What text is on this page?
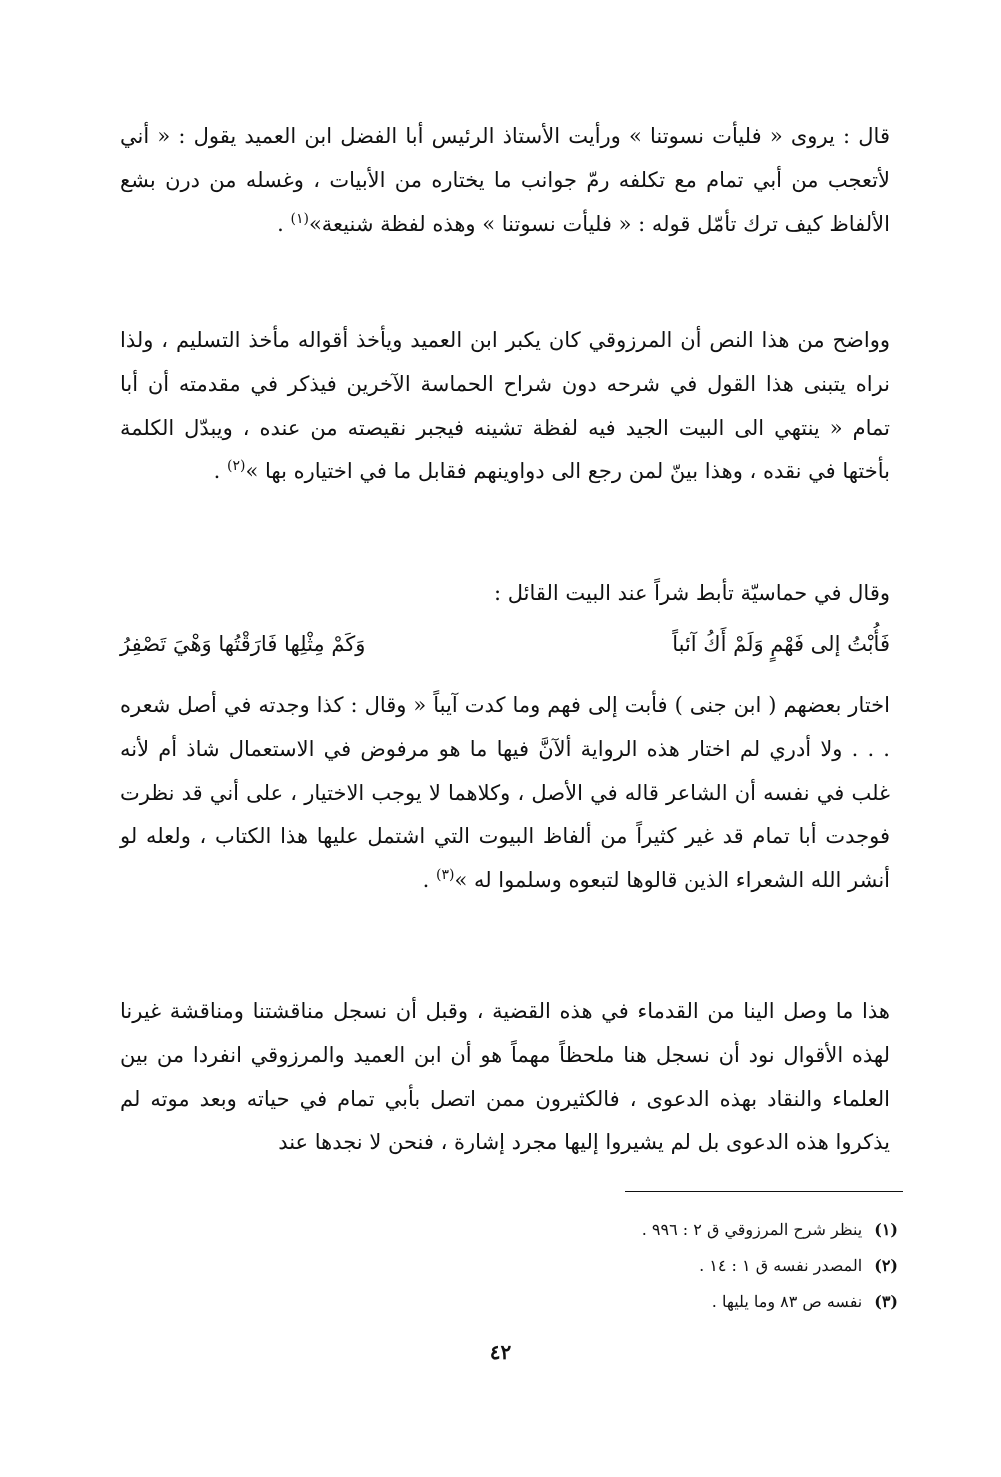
قال : يروى « فليأت نسوتنا » ورأيت الأستاذ الرئيس أبا الفضل ابن العميد يقول : « أني لأتعجب من أبي تمام مع تكلفه رمّ جوانب ما يختاره من الأبيات ، وغسله من درن بشع الألفاظ كيف ترك تأمّل قوله : « فليأت نسوتنا » وهذه لفظة شنيعة»$^{(١)}$ .

وواضح من هذا النص أن المرزوقي كان يكبر ابن العميد ويأخذ أقواله مأخذ التسليم ، ولذا نراه يتبنى هذا القول في شرحه دون شراح الحماسة الآخرين فيذكر في مقدمته أن أبا تمام « ينتهي الى البيت الجيد فيه لفظة تشينه فيجبر نقيصته من عنده ، ويبدّل الكلمة بأختها في نقده ، وهذا بينّ لمن رجع الى دواوينهم فقابل ما في اختياره بها »$^{(٢)}$ .

وقال في حماسيّة تأبط شراً عند البيت القائل :

فَأُبْتُ إلى فَهْمٍ وَلَمْ أَكُ آئباً
وَكَمْ مِثْلِها فَارَقْتُها وَهْيَ تَصْفِرُ

اختار بعضهم ( ابن جنى ) فأبت إلى فهم وما كدت آيباً « وقال : كذا وجدته في أصل شعره . . . ولا أدري لم اختار هذه الرواية ألآنَّ فيها ما هو مرفوض في الاستعمال شاذ أم لأنه غلب في نفسه أن الشاعر قاله في الأصل ، وكلاهما لا يوجب الاختيار ، على أني قد نظرت فوجدت أبا تمام قد غير كثيراً من ألفاظ البيوت التي اشتمل عليها هذا الكتاب ، ولعله لو أنشر الله الشعراء الذين قالوها لتبعوه وسلموا له »$^{(٣)}$ .

هذا ما وصل الينا من القدماء في هذه القضية ، وقبل أن نسجل مناقشتنا ومناقشة غيرنا لهذه الأقوال نود أن نسجل هنا ملحظاً مهماً هو أن ابن العميد والمرزوقي انفردا من بين العلماء والنقاد بهذه الدعوى ، فالكثيرون ممن اتصل بأبي تمام في حياته وبعد موته لم يذكروا هذه الدعوى بل لم يشيروا إليها مجرد إشارة ، فنحن لا نجدها عند

(١)
ينظر شرح المرزوقي ق ٢ : ٩٩٦ .
(٢)
المصدر نفسه ق ١ : ١٤ .
(٣)
نفسه ص ٨٣ وما يليها .
٤٢
